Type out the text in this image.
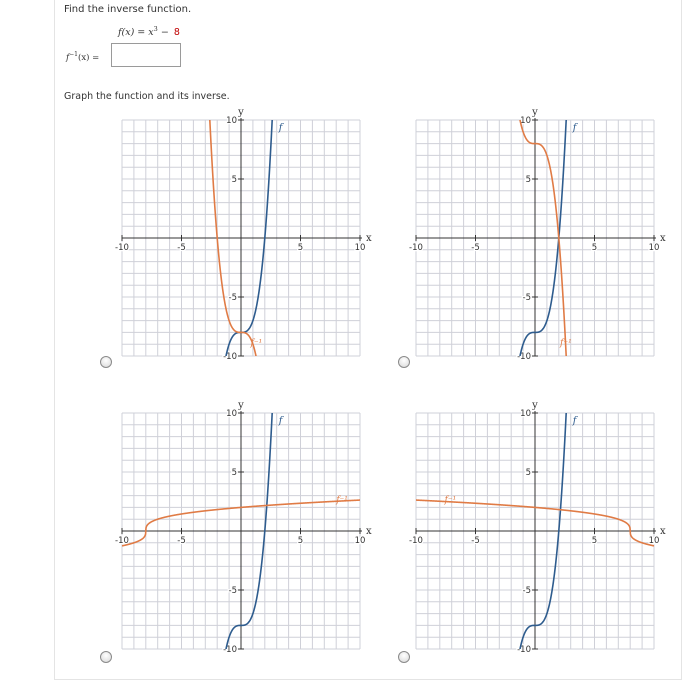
Find the inverse function.
$f(x) = x^3 - 8$
$f^{-1}(x)$ =
Graph the function and its inverse.
-10	-5	5	10
10
5
-5
-10
x
y
f
f⁻¹
-10	-5	5	10
10
5
-5
-10
x
y
f
f⁻¹
-10	-5	5	10
10
5
-5
-10
x
y
f
f⁻¹
-10	-5	5	10
10
5
-5
-10
x
y
f
f⁻¹
